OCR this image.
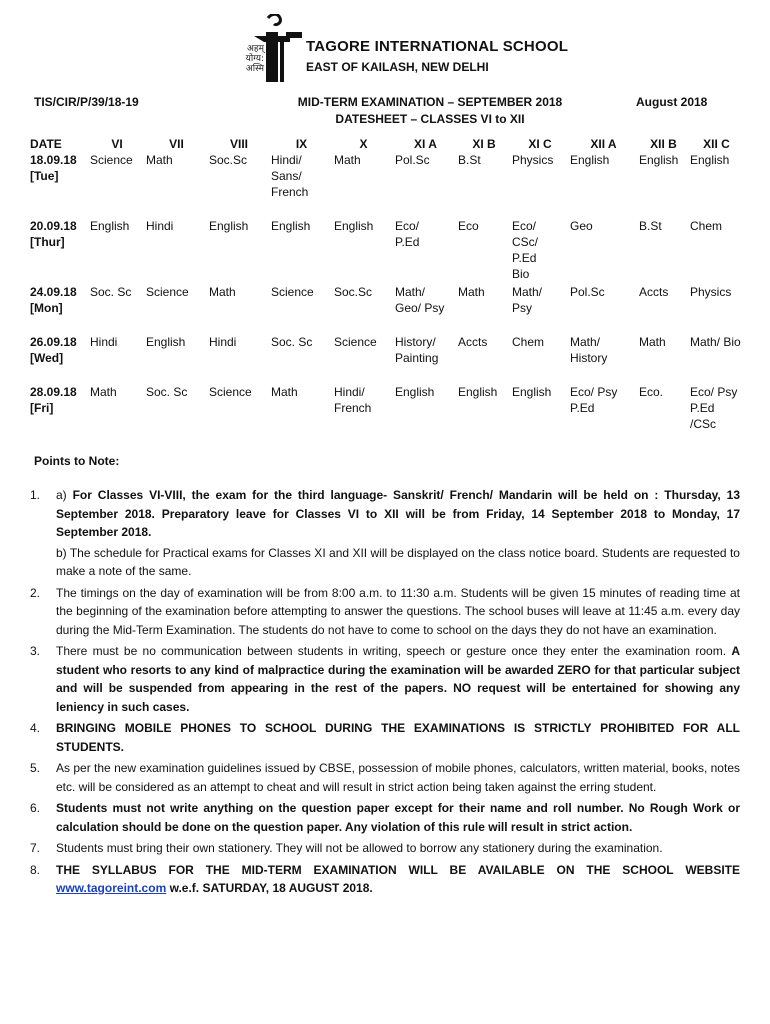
अहम्
योग्य:
अस्मि
TAGORE INTERNATIONAL SCHOOL
EAST OF KAILASH, NEW DELHI
TIS/CIR/P/39/18-19	MID-TERM EXAMINATION – SEPTEMBER 2018
DATESHEET – CLASSES VI to XII
August 2018
DATE	VI	VII	VIII	IX	X	XI A	XI B	XI C	XII A	XII B	XII C
18.09.18
[Tue]	Science	Math	Soc.Sc	Hindi/
Sans/
French	Math	Pol.Sc	B.St	Physics	English	English	English
20.09.18
[Thur]	English	Hindi	English	English	English	Eco/
P.Ed	Eco	Eco/
CSc/
P.Ed
Bio	Geo	B.St	Chem
24.09.18
[Mon]	Soc. Sc	Science	Math	Science	Soc.Sc	Math/
Geo/ Psy	Math	Math/
Psy	Pol.Sc	Accts	Physics
26.09.18
[Wed]	Hindi	English	Hindi	Soc. Sc	Science	History/
Painting	Accts	Chem	Math/
History	Math	Math/ Bio
28.09.18
[Fri]	Math	Soc. Sc	Science	Math	Hindi/
French	English	English	English	Eco/ Psy
P.Ed	Eco.	Eco/ Psy
P.Ed
/CSc
Points to Note:
1. a) For Classes VI-VIII, the exam for the third language- Sanskrit/ French/ Mandarin will be held on : Thursday, 13 September 2018. Preparatory leave for Classes VI to XII will be from Friday, 14 September 2018 to Monday, 17 September 2018.
b) The schedule for Practical exams for Classes XI and XII will be displayed on the class notice board. Students are requested to make a note of the same.
2. The timings on the day of examination will be from 8:00 a.m. to 11:30 a.m. Students will be given 15 minutes of reading time at the beginning of the examination before attempting to answer the questions. The school buses will leave at 11:45 a.m. every day during the Mid-Term Examination. The students do not have to come to school on the days they do not have an examination.
3. There must be no communication between students in writing, speech or gesture once they enter the examination room. A student who resorts to any kind of malpractice during the examination will be awarded ZERO for that particular subject and will be suspended from appearing in the rest of the papers. NO request will be entertained for showing any leniency in such cases.
4. BRINGING MOBILE PHONES TO SCHOOL DURING THE EXAMINATIONS IS STRICTLY PROHIBITED FOR ALL STUDENTS.
5. As per the new examination guidelines issued by CBSE, possession of mobile phones, calculators, written material, books, notes etc. will be considered as an attempt to cheat and will result in strict action being taken against the erring student.
6. Students must not write anything on the question paper except for their name and roll number. No Rough Work or calculation should be done on the question paper. Any violation of this rule will result in strict action.
7. Students must bring their own stationery. They will not be allowed to borrow any stationery during the examination.
8. THE SYLLABUS FOR THE MID-TERM EXAMINATION WILL BE AVAILABLE ON THE SCHOOL WEBSITE www.tagoreint.com w.e.f. SATURDAY, 18 AUGUST 2018.
